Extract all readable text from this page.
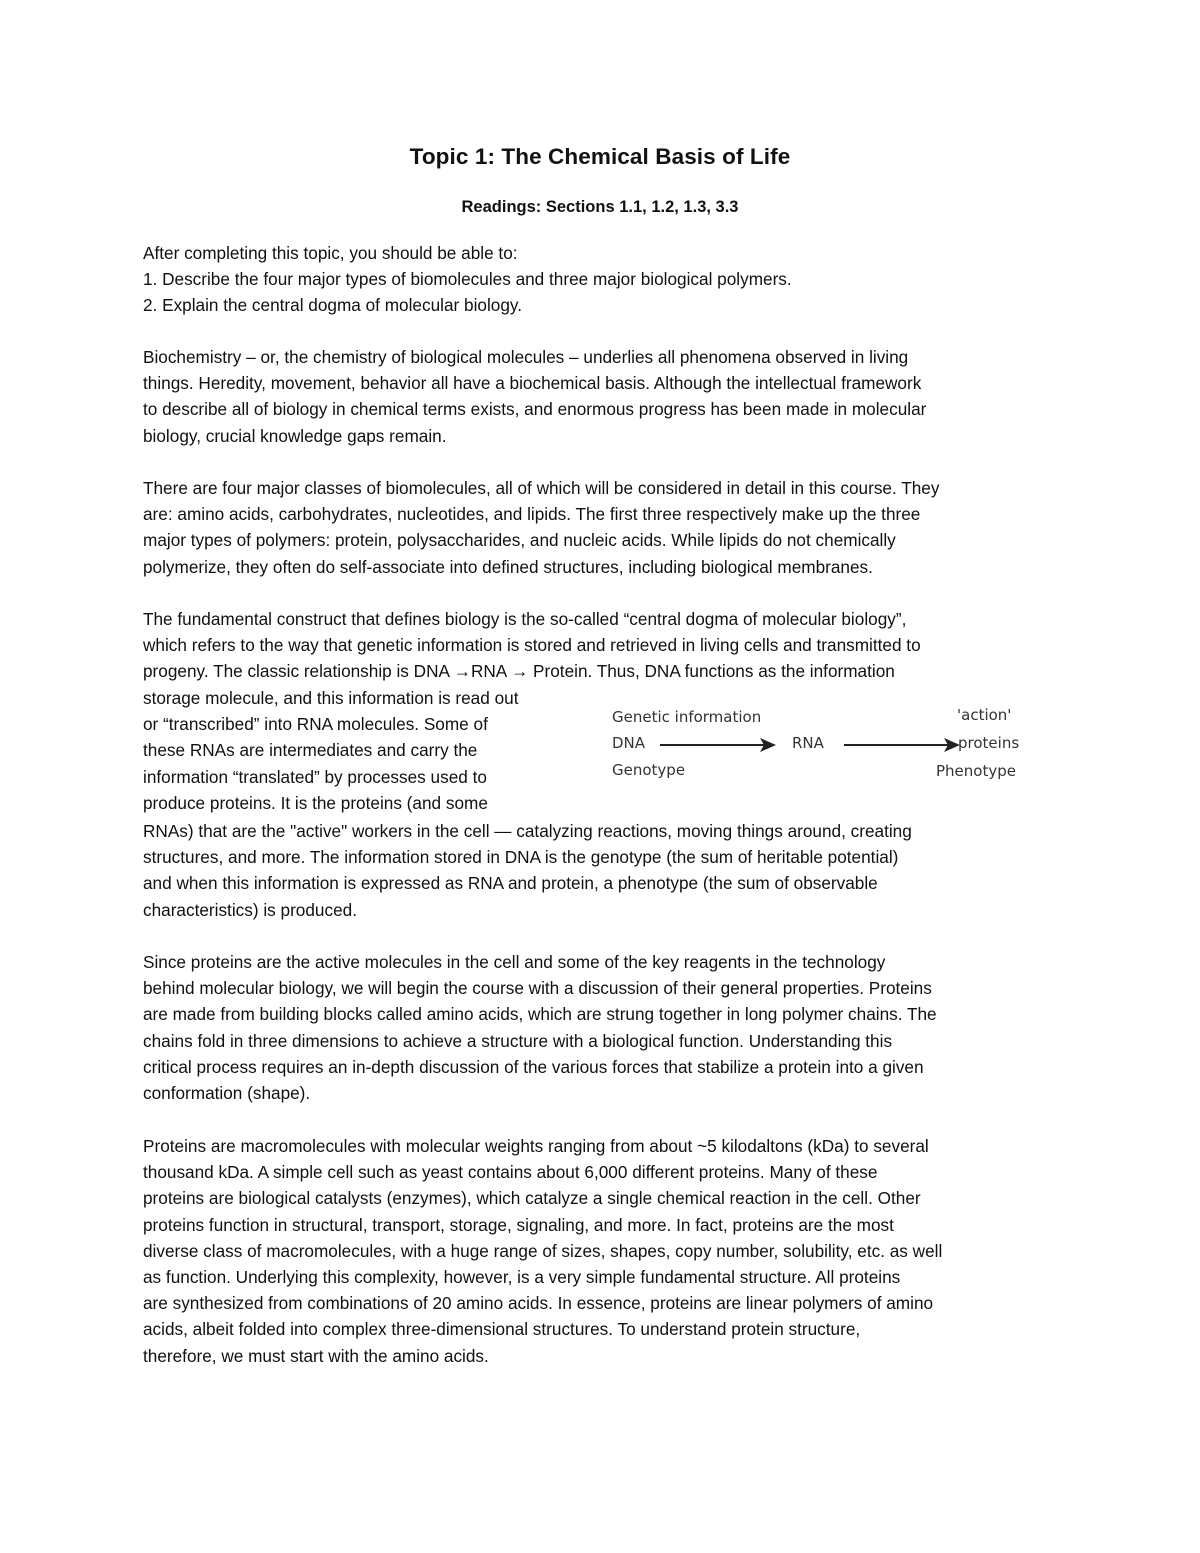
Topic 1: The Chemical Basis of Life
Readings: Sections 1.1, 1.2, 1.3, 3.3
After completing this topic, you should be able to:
1. Describe the four major types of biomolecules and three major biological polymers.
2. Explain the central dogma of molecular biology.
Biochemistry – or, the chemistry of biological molecules – underlies all phenomena observed in living
things. Heredity, movement, behavior all have a biochemical basis. Although the intellectual framework
to describe all of biology in chemical terms exists, and enormous progress has been made in molecular
biology, crucial knowledge gaps remain.
There are four major classes of biomolecules, all of which will be considered in detail in this course. They
are: amino acids, carbohydrates, nucleotides, and lipids. The first three respectively make up the three
major types of polymers: protein, polysaccharides, and nucleic acids. While lipids do not chemically
polymerize, they often do self-associate into defined structures, including biological membranes.
The fundamental construct that defines biology is the so-called “central dogma of molecular biology”,
which refers to the way that genetic information is stored and retrieved in living cells and transmitted to
progeny. The classic relationship is DNA →RNA → Protein. Thus, DNA functions as the information
storage molecule, and this information is read out
or “transcribed” into RNA molecules. Some of
these RNAs are intermediates and carry the
information “translated” by processes used to
produce proteins. It is the proteins (and some
Genetic information	'action'
DNA	RNA	proteins
Genotype	Phenotype
RNAs) that are the "active" workers in the cell — catalyzing reactions, moving things around, creating
structures, and more. The information stored in DNA is the genotype (the sum of heritable potential)
and when this information is expressed as RNA and protein, a phenotype (the sum of observable
characteristics) is produced.
Since proteins are the active molecules in the cell and some of the key reagents in the technology
behind molecular biology, we will begin the course with a discussion of their general properties. Proteins
are made from building blocks called amino acids, which are strung together in long polymer chains. The
chains fold in three dimensions to achieve a structure with a biological function. Understanding this
critical process requires an in-depth discussion of the various forces that stabilize a protein into a given
conformation (shape).
Proteins are macromolecules with molecular weights ranging from about ~5 kilodaltons (kDa) to several
thousand kDa. A simple cell such as yeast contains about 6,000 different proteins. Many of these
proteins are biological catalysts (enzymes), which catalyze a single chemical reaction in the cell. Other
proteins function in structural, transport, storage, signaling, and more. In fact, proteins are the most
diverse class of macromolecules, with a huge range of sizes, shapes, copy number, solubility, etc. as well
as function. Underlying this complexity, however, is a very simple fundamental structure. All proteins
are synthesized from combinations of 20 amino acids. In essence, proteins are linear polymers of amino
acids, albeit folded into complex three-dimensional structures. To understand protein structure,
therefore, we must start with the amino acids.
